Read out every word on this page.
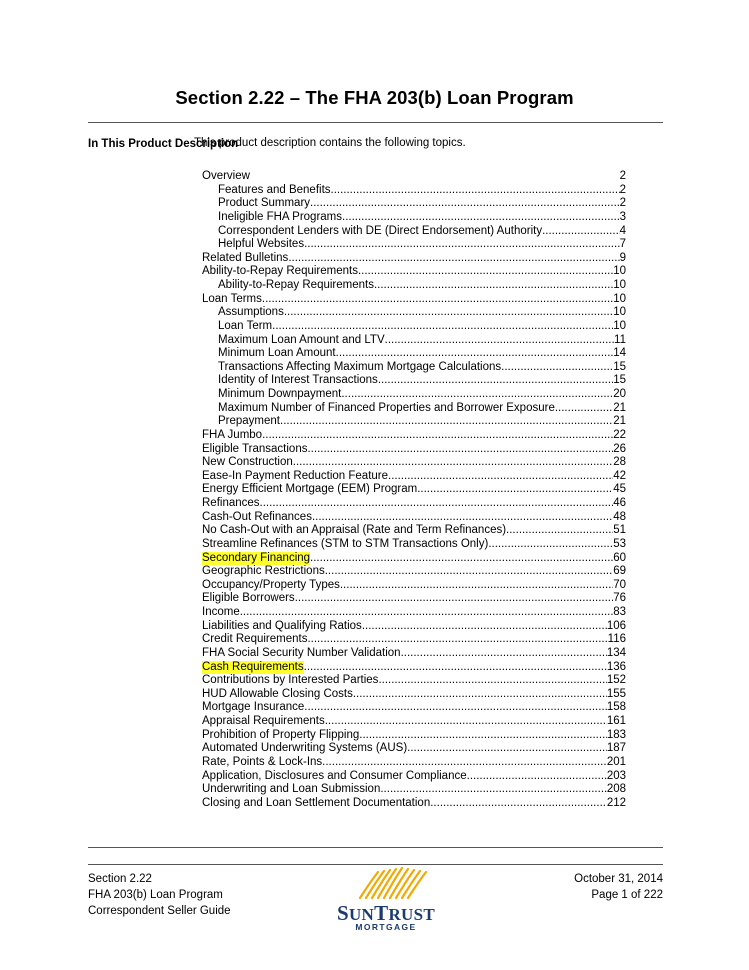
Section 2.22 – The FHA 203(b) Loan Program
In This Product Description
This product description contains the following topics.
Overview	2
Features and Benefits .....	2
Product Summary .....	2
Ineligible FHA Programs .....	3
Correspondent Lenders with DE (Direct Endorsement) Authority .....	4
Helpful Websites .....	7
Related Bulletins .....	9
Ability-to-Repay Requirements .....	10
Ability-to-Repay Requirements .....	10
Loan Terms .....	10
Assumptions .....	10
Loan Term .....	10
Maximum Loan Amount and LTV .....	11
Minimum Loan Amount .....	14
Transactions Affecting Maximum Mortgage Calculations .....	15
Identity of Interest Transactions .....	15
Minimum Downpayment .....	20
Maximum Number of Financed Properties and Borrower Exposure .....	21
Prepayment .....	21
FHA Jumbo .....	22
Eligible Transactions .....	26
New Construction .....	28
Ease-In Payment Reduction Feature .....	42
Energy Efficient Mortgage (EEM) Program .....	45
Refinances .....	46
Cash-Out Refinances .....	48
No Cash-Out with an Appraisal (Rate and Term Refinances) .....	51
Streamline Refinances (STM to STM Transactions Only) .....	53
Secondary Financing .....	60
Geographic Restrictions .....	69
Occupancy/Property Types .....	70
Eligible Borrowers .....	76
Income .....	83
Liabilities and Qualifying Ratios .....	106
Credit Requirements .....	116
FHA Social Security Number Validation .....	134
Cash Requirements .....	136
Contributions by Interested Parties .....	152
HUD Allowable Closing Costs .....	155
Mortgage Insurance .....	158
Appraisal Requirements .....	161
Prohibition of Property Flipping .....	183
Automated Underwriting Systems (AUS) .....	187
Rate, Points & Lock-Ins .....	201
Application, Disclosures and Consumer Compliance .....	203
Underwriting and Loan Submission .....	208
Closing and Loan Settlement Documentation .....	212
Section 2.22
FHA 203(b) Loan Program
Correspondent Seller Guide
October 31, 2014
Page 1 of 222
SUNTRUST
MORTGAGE
